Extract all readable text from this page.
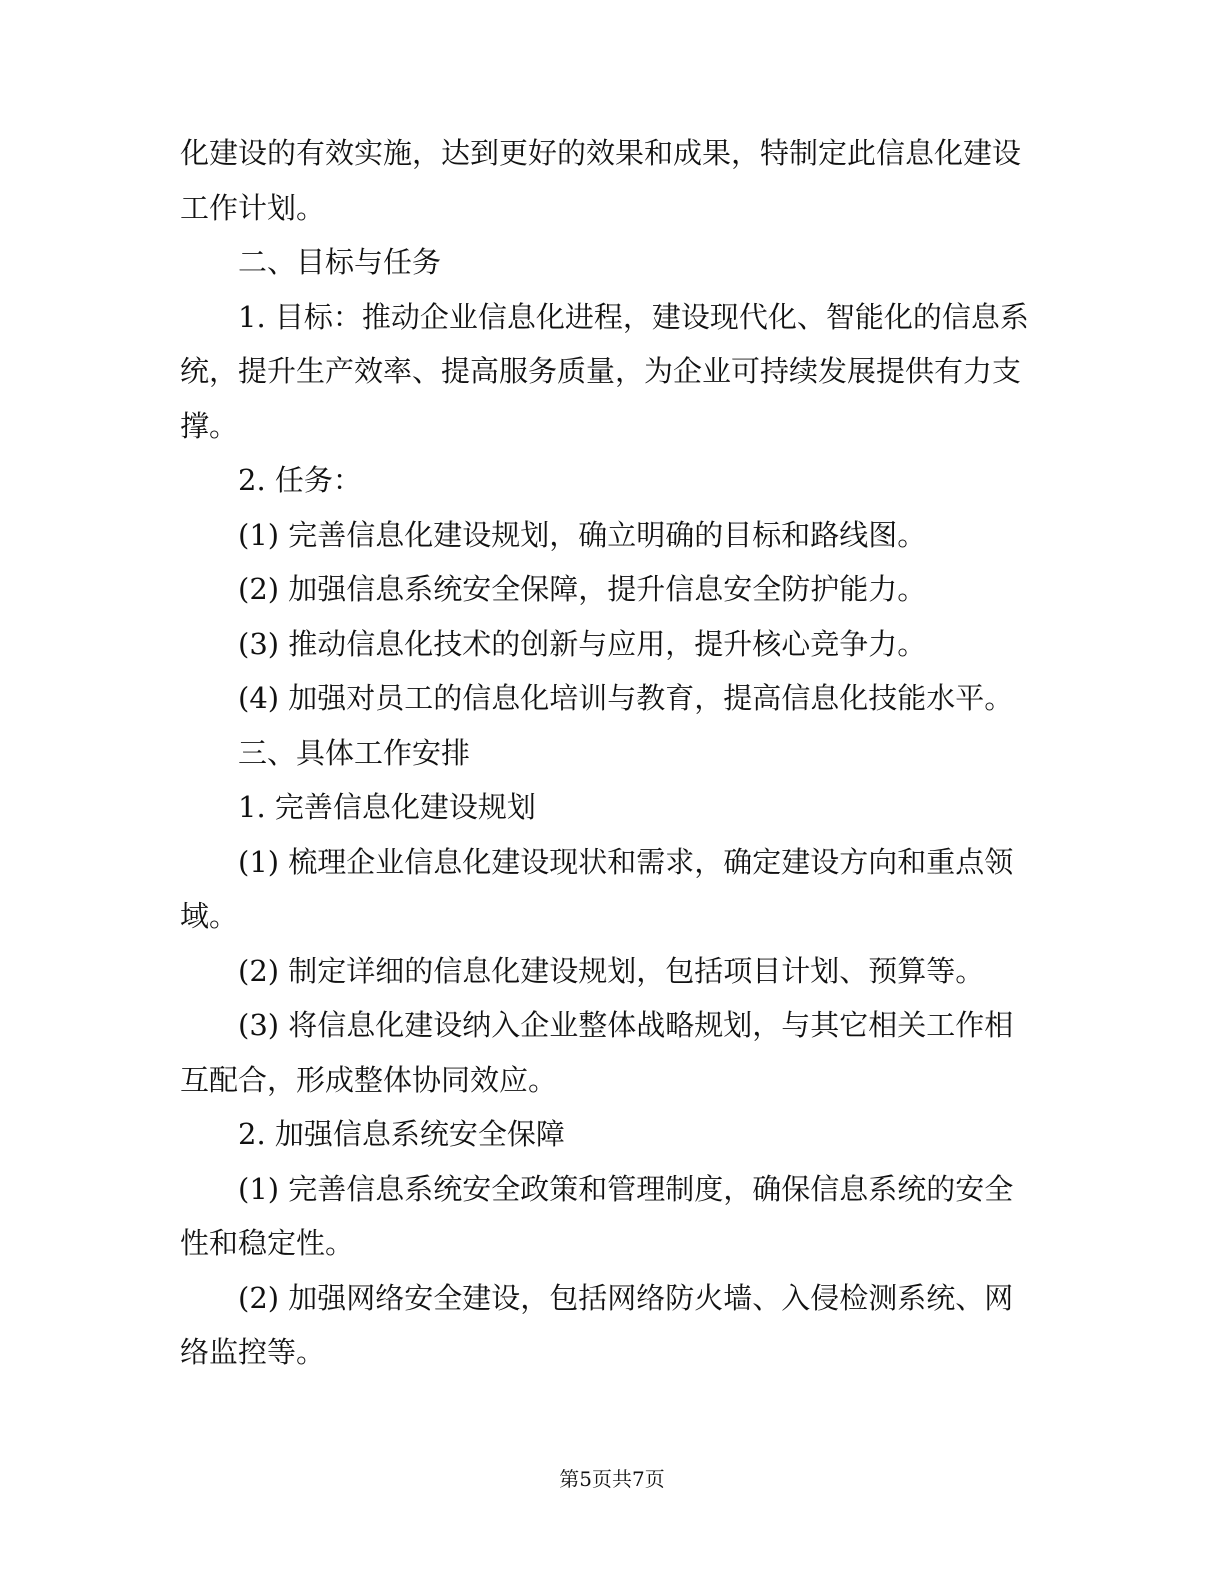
化建设的有效实施，达到更好的效果和成果，特制定此信息化建设工作计划。

二、目标与任务

1. 目标：推动企业信息化进程，建设现代化、智能化的信息系统，提升生产效率、提高服务质量，为企业可持续发展提供有力支撑。

2. 任务：

(1) 完善信息化建设规划，确立明确的目标和路线图。

(2) 加强信息系统安全保障，提升信息安全防护能力。

(3) 推动信息化技术的创新与应用，提升核心竞争力。

(4) 加强对员工的信息化培训与教育，提高信息化技能水平。

三、具体工作安排

1. 完善信息化建设规划

(1) 梳理企业信息化建设现状和需求，确定建设方向和重点领域。

(2) 制定详细的信息化建设规划，包括项目计划、预算等。

(3) 将信息化建设纳入企业整体战略规划，与其它相关工作相互配合，形成整体协同效应。

2. 加强信息系统安全保障

(1) 完善信息系统安全政策和管理制度，确保信息系统的安全性和稳定性。

(2) 加强网络安全建设，包括网络防火墙、入侵检测系统、网络监控等。

第5页共7页
